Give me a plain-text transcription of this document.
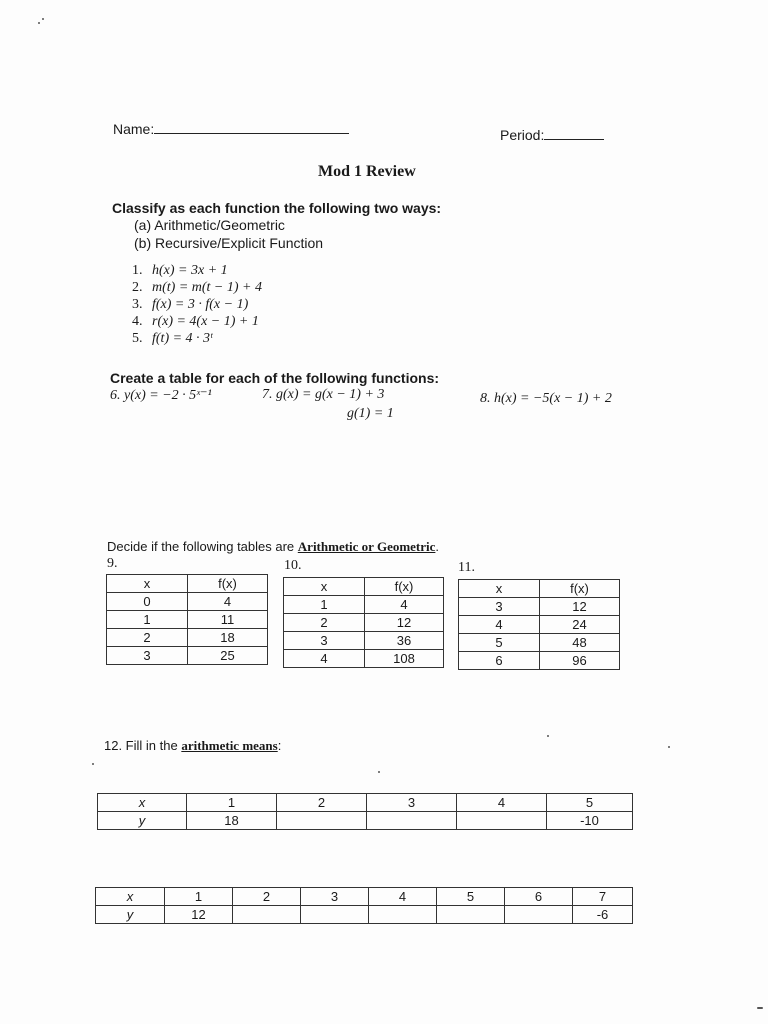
Name:	Period:
Mod 1 Review
Classify as each function the following two ways:
(a) Arithmetic/Geometric
(b) Recursive/Explicit Function
1. h(x) = 3x + 1
2. m(t) = m(t − 1) + 4
3. f(x) = 3 · f(x − 1)
4. r(x) = 4(x − 1) + 1
5. f(t) = 4 · 3ᵗ
Create a table for each of the following functions:
6. y(x) = −2 · 5ˣ⁻¹	7. g(x) = g(x − 1) + 3
g(1) = 1
8. h(x) = −5(x − 1) + 2
Decide if the following tables are Arithmetic or Geometric.
9.	10.	11.
x	f(x)
0	4
1	11
2	18
3	25
x	f(x)
1	4
2	12
3	36
4	108
x	f(x)
3	12
4	24
5	48
6	96
12. Fill in the arithmetic means:
x	1	2	3	4	5
y	18				-10
x	1	2	3	4	5	6	7
y	12						-6
